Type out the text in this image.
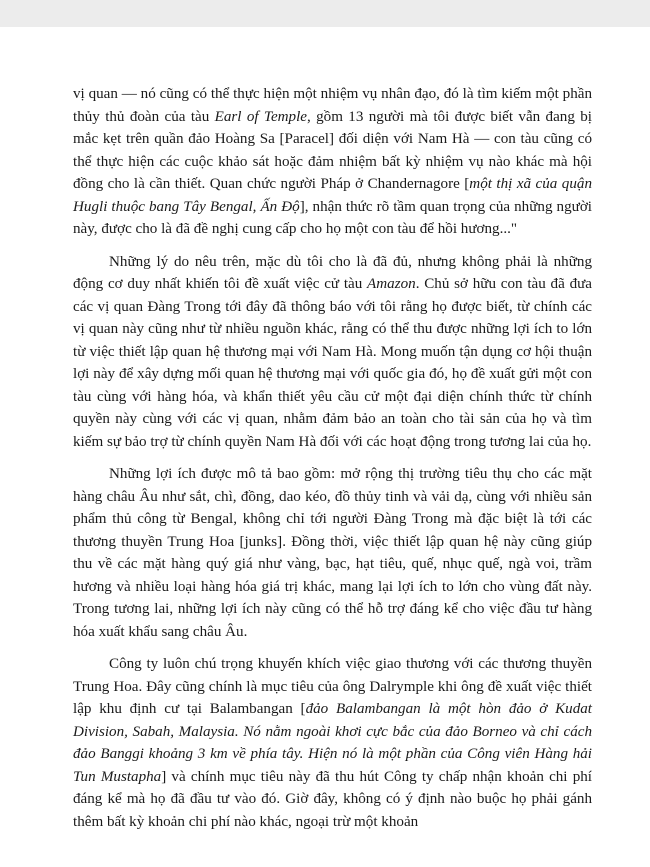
vị quan — nó cũng có thể thực hiện một nhiệm vụ nhân đạo, đó là tìm kiếm một phần thủy thủ đoàn của tàu Earl of Temple, gồm 13 người mà tôi được biết vẫn đang bị mắc kẹt trên quần đảo Hoàng Sa [Paracel] đối diện với Nam Hà — con tàu cũng có thể thực hiện các cuộc khảo sát hoặc đảm nhiệm bất kỳ nhiệm vụ nào khác mà hội đồng cho là cần thiết. Quan chức người Pháp ở Chandernagore [một thị xã của quận Hugli thuộc bang Tây Bengal, Ấn Độ], nhận thức rõ tầm quan trọng của những người này, được cho là đã đề nghị cung cấp cho họ một con tàu để hồi hương..."

Những lý do nêu trên, mặc dù tôi cho là đã đủ, nhưng không phải là những động cơ duy nhất khiến tôi đề xuất việc cử tàu Amazon. Chủ sở hữu con tàu đã đưa các vị quan Đàng Trong tới đây đã thông báo với tôi rằng họ được biết, từ chính các vị quan này cũng như từ nhiều nguồn khác, rằng có thể thu được những lợi ích to lớn từ việc thiết lập quan hệ thương mại với Nam Hà. Mong muốn tận dụng cơ hội thuận lợi này để xây dựng mối quan hệ thương mại với quốc gia đó, họ đề xuất gửi một con tàu cùng với hàng hóa, và khẩn thiết yêu cầu cử một đại diện chính thức từ chính quyền này cùng với các vị quan, nhằm đảm bảo an toàn cho tài sản của họ và tìm kiếm sự bảo trợ từ chính quyền Nam Hà đối với các hoạt động trong tương lai của họ.

Những lợi ích được mô tả bao gồm: mở rộng thị trường tiêu thụ cho các mặt hàng châu Âu như sắt, chì, đồng, dao kéo, đồ thủy tinh và vải dạ, cùng với nhiều sản phẩm thủ công từ Bengal, không chỉ tới người Đàng Trong mà đặc biệt là tới các thương thuyền Trung Hoa [junks]. Đồng thời, việc thiết lập quan hệ này cũng giúp thu về các mặt hàng quý giá như vàng, bạc, hạt tiêu, quế, nhục quế, ngà voi, trầm hương và nhiều loại hàng hóa giá trị khác, mang lại lợi ích to lớn cho vùng đất này. Trong tương lai, những lợi ích này cũng có thể hỗ trợ đáng kể cho việc đầu tư hàng hóa xuất khẩu sang châu Âu.

Công ty luôn chú trọng khuyến khích việc giao thương với các thương thuyền Trung Hoa. Đây cũng chính là mục tiêu của ông Dalrymple khi ông đề xuất việc thiết lập khu định cư tại Balambangan [đảo Balambangan là một hòn đảo ở Kudat Division, Sabah, Malaysia. Nó nằm ngoài khơi cực bắc của đảo Borneo và chỉ cách đảo Banggi khoảng 3 km về phía tây. Hiện nó là một phần của Công viên Hàng hải Tun Mustapha] và chính mục tiêu này đã thu hút Công ty chấp nhận khoản chi phí đáng kể mà họ đã đầu tư vào đó. Giờ đây, không có ý định nào buộc họ phải gánh thêm bất kỳ khoản chi phí nào khác, ngoại trừ một khoản
